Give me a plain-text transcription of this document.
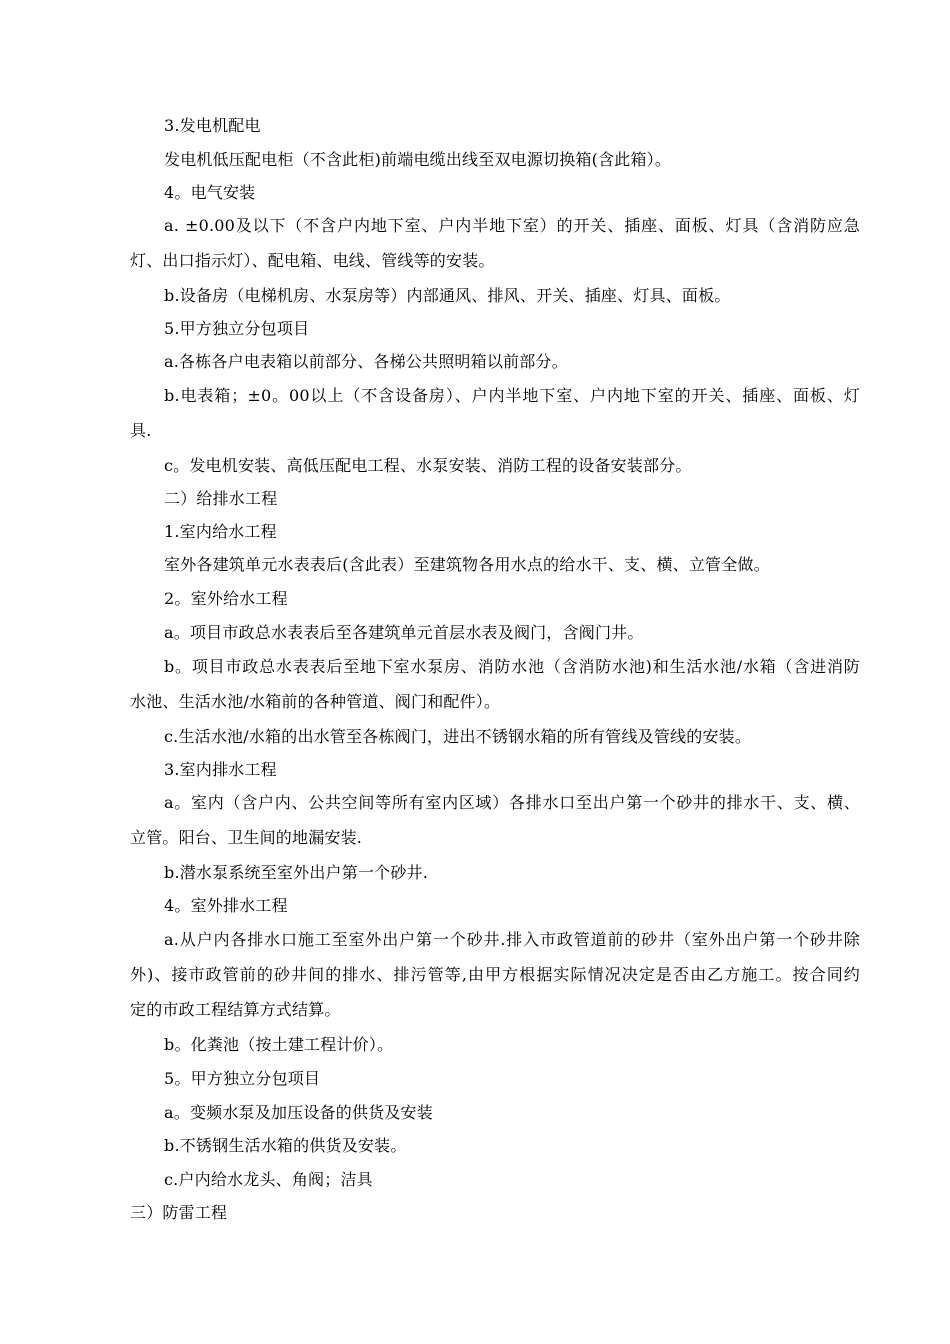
3.发电机配电
发电机低压配电柜（不含此柜)前端电缆出线至双电源切换箱(含此箱）。
4。电气安装
a. ±0.00及以下（不含户内地下室、户内半地下室）的开关、插座、面板、灯具（含消防应急
灯、出口指示灯）、配电箱、电线、管线等的安装。
b.设备房（电梯机房、水泵房等）内部通风、排风、开关、插座、灯具、面板。
5.甲方独立分包项目
a.各栋各户电表箱以前部分、各梯公共照明箱以前部分。
b.电表箱；±0。00以上（不含设备房）、户内半地下室、户内地下室的开关、插座、面板、灯
具.
c。发电机安装、高低压配电工程、水泵安装、消防工程的设备安装部分。
二）给排水工程
1.室内给水工程
室外各建筑单元水表表后(含此表）至建筑物各用水点的给水干、支、横、立管全做。
2。室外给水工程
a。项目市政总水表表后至各建筑单元首层水表及阀门，含阀门井。
b。项目市政总水表表后至地下室水泵房、消防水池（含消防水池)和生活水池/水箱（含进消防
水池、生活水池/水箱前的各种管道、阀门和配件）。
c.生活水池/水箱的出水管至各栋阀门，进出不锈钢水箱的所有管线及管线的安装。
3.室内排水工程
a。室内（含户内、公共空间等所有室内区域）各排水口至出户第一个砂井的排水干、支、横、
立管。阳台、卫生间的地漏安装.
b.潜水泵系统至室外出户第一个砂井.
4。室外排水工程
a.从户内各排水口施工至室外出户第一个砂井.排入市政管道前的砂井（室外出户第一个砂井除
外)、接市政管前的砂井间的排水、排污管等,由甲方根据实际情况决定是否由乙方施工。按合同约
定的市政工程结算方式结算。
b。化粪池（按土建工程计价）。
5。甲方独立分包项目
a。变频水泵及加压设备的供货及安装
b.不锈钢生活水箱的供货及安装。
c.户内给水龙头、角阀；洁具
三）防雷工程
